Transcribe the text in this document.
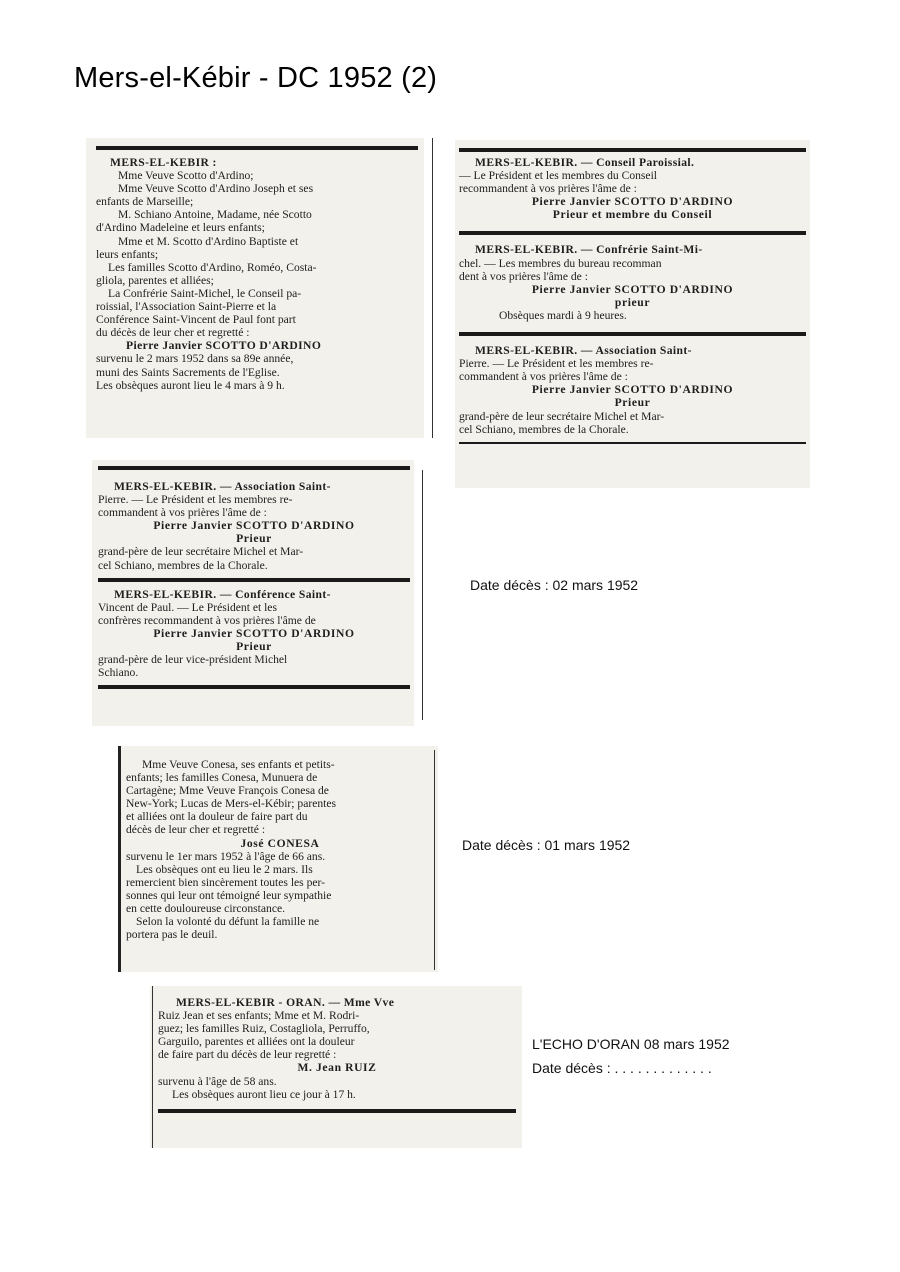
Mers-el-Kébir - DC 1952 (2)
MERS-EL-KEBIR :
Mme Veuve Scotto d'Ardino;
Mme Veuve Scotto d'Ardino Joseph et ses
enfants de Marseille;
M. Schiano Antoine, Madame, née Scotto
d'Ardino Madeleine et leurs enfants;
Mme et M. Scotto d'Ardino Baptiste et
leurs enfants;
Les familles Scotto d'Ardino, Roméo, Costa-
gliola, parentes et alliées;
La Confrérie Saint-Michel, le Conseil pa-
roissial, l'Association Saint-Pierre et la
Conférence Saint-Vincent de Paul font part
du décès de leur cher et regretté :
Pierre Janvier SCOTTO D'ARDINO
survenu le 2 mars 1952 dans sa 89e année,
muni des Saints Sacrements de l'Eglise.
Les obsèques auront lieu le 4 mars à 9 h.
MERS-EL-KEBIR. — Conseil Paroissial.
— Le Président et les membres du Conseil
recommandent à vos prières l'âme de :
Pierre Janvier SCOTTO D'ARDINO
Prieur et membre du Conseil
MERS-EL-KEBIR. — Confrérie Saint-Mi-
chel. — Les membres du bureau recomman
dent à vos prières l'âme de :
Pierre Janvier SCOTTO D'ARDINO
prieur
Obsèques mardi à 9 heures.
MERS-EL-KEBIR. — Association Saint-
Pierre. — Le Président et les membres re-
commandent à vos prières l'âme de :
Pierre Janvier SCOTTO D'ARDINO
Prieur
grand-père de leur secrétaire Michel et Mar-
cel Schiano, membres de la Chorale.
MERS-EL-KEBIR. — Association Saint-
Pierre. — Le Président et les membres re-
commandent à vos prières l'âme de :
Pierre Janvier SCOTTO D'ARDINO
Prieur
grand-père de leur secrétaire Michel et Mar-
cel Schiano, membres de la Chorale.
MERS-EL-KEBIR. — Conférence Saint-
Vincent de Paul. — Le Président et les
confrères recommandent à vos prières l'âme de
Pierre Janvier SCOTTO D'ARDINO
Prieur
grand-père de leur vice-président Michel
Schiano.
Date décès : 02 mars 1952
Mme Veuve Conesa, ses enfants et petits-
enfants; les familles Conesa, Munuera de
Cartagène; Mme Veuve François Conesa de
New-York; Lucas de Mers-el-Kébir; parentes
et alliées ont la douleur de faire part du
décès de leur cher et regretté :
José CONESA
survenu le 1er mars 1952 à l'âge de 66 ans.
Les obsèques ont eu lieu le 2 mars. Ils
remercient bien sincèrement toutes les per-
sonnes qui leur ont témoigné leur sympathie
en cette douloureuse circonstance.
Selon la volonté du défunt la famille ne
portera pas le deuil.
Date décès : 01 mars 1952
MERS-EL-KEBIR - ORAN. — Mme Vve
Ruiz Jean et ses enfants; Mme et M. Rodri-
guez; les familles Ruiz, Costagliola, Perruffo,
Garguilo, parentes et alliées ont la douleur
de faire part du décès de leur regretté :
M. Jean RUIZ
survenu à l'âge de 58 ans.
Les obsèques auront lieu ce jour à 17 h.
L'ECHO D'ORAN 08 mars 1952
Date décès : . . . . . . . . . . . . .
